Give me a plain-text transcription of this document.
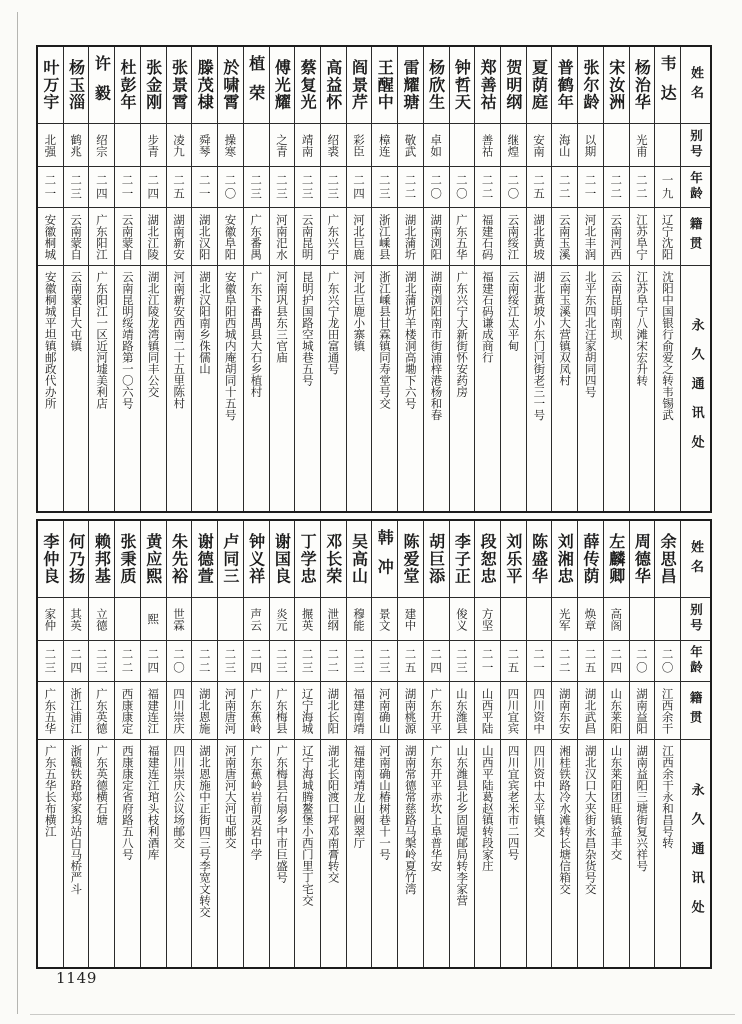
姓名
别号
年龄
籍贯
永久通讯处
韦达
一九
辽宁沈阳
沈阳中国银行俞爱之转韦锡武
杨治华
光甫
二二
江苏阜宁
江苏阜宁八滩宋宏升转
宋汝洲
二二
云南河西
云南昆明南坝
张尔龄
以期
二一
河北丰润
北平东四北汪家胡同四号
普鹤年
海山
二二
云南玉溪
云南玉溪大营镇双凤村
夏荫庭
安南
二五
湖北黄坡
湖北黄坡小东门河街老三一号
贺明纲
继煌
二〇
云南绥江
云南绥江太平甸
郑善祜
善祜
二二
福建石码
福建石码谦成商行
钟哲天
二〇
广东五华
广东兴宁大新街怀安药房
杨欣生
卓如
二〇
湖南浏阳
湖南浏阳南市街浦梓港杨和春
雷耀瑭
敬武
二二
湖北蒲圻
湖北蒲圻羊楼洞高墈下六号
王醒中
樟连
二三
浙江嵊县
浙江嵊县甘霖镇同寿堂号交
阎景芹
彩臣
二四
河北巨鹿
河北巨鹿小寨镇
高益怀
绍裘
二三
广东兴宁
广东兴宁龙田富通号
蔡复光
靖南
二三
云南昆明
昆明护国路空城巷五号
傅光耀
之青
二三
河南汜水
河南巩县东三官庙
植荣
二三
广东番禺
广东下番禺县大石乡植村
於啸霄
操寒
二〇
安徽阜阳
安徽阜阳西城内庵胡同十五号
滕茂棣
舜琴
二一
湖北汉阳
湖北汉阳南乡侏儒山
张景霄
凌九
二五
湖南新安
河南新安西南二十五里陈村
张金刚
步青
二四
湖北江陵
湖北江陵龙湾镇同丰公交
杜彭年
二一
云南蒙自
云南昆明绥靖路第一〇六号
许毅
绍宗
二四
广东阳江
广东阳江一区近河墟美利店
杨玉淄
鹤兆
二三
云南蒙自
云南蒙自大屯镇
叶万宇
北强
二一
安徽桐城
安徽桐城平坦镇邮政代办所
姓名
别号
年龄
籍贯
永久通讯处
余思昌
二〇
江西余干
江西余干永和昌号转
周德华
二〇
湖南益阳
湖南益阳三塘街复兴祥号
左麟卿
高阁
二四
山东莱阳
山东莱阳团旺镇益丰交
薛传荫
焕章
二五
湖北武昌
湖北汉口大夹街永昌杂货号交
刘湘忠
光军
二二
湖南东安
湘桂铁路冷水滩转长塘信箱交
陈盛华
二一
四川资中
四川资中太平镇交
刘乐平
二五
四川宜宾
四川宜宾老米市二四号
段恕忠
方坚
二一
山西平陆
山西平陆葛赵镇转段家庄
李子正
俊义
二三
山东潍县
山东潍县北乡固堤邮局转李家营
胡巨添
二四
广东开平
广东开平赤坎上阜普华安
陈爱堂
建中
二五
湖南桃源
湖南常德常慈路马槃岭夏竹湾
韩冲
景文
二三
河南确山
河南确山椿树巷十一号
吴高山
穆能
二三
福建南靖
福建南靖龙山阙翠厅
邓长荣
泄纲
二二
湖北长阳
湖北长阳渡口坪邓南膏转交
丁学忠
搌英
二三
辽宁海城
辽宁海城腾鳌堡小西门里丁宅交
谢国良
炎元
二三
广东梅县
广东梅县石扇乡中市巨盛号
钟义祥
声云
二四
广东蕉岭
广东蕉岭岩前灵岩中学
卢同三
二三
河南唐河
河南唐河大河屯邮交
谢德萱
二二
湖北恩施
湖北恩施中正街四三号李宽文转交
朱先裕
世霖
二〇
四川崇庆
四川崇庆公议场邮交
黄应熙
熙
二四
福建连江
福建连江琯头枝利酒库
张秉质
二二
西康康定
西康康定省府路五八号
赖邦基
立德
二三
广东英德
广东英德横石塘
何乃扬
其英
二四
浙江浦江
浙赣铁路郑家坞站白马桥严斗
李仲良
家仲
二三
广东五华
广东五华长布横江
1149
